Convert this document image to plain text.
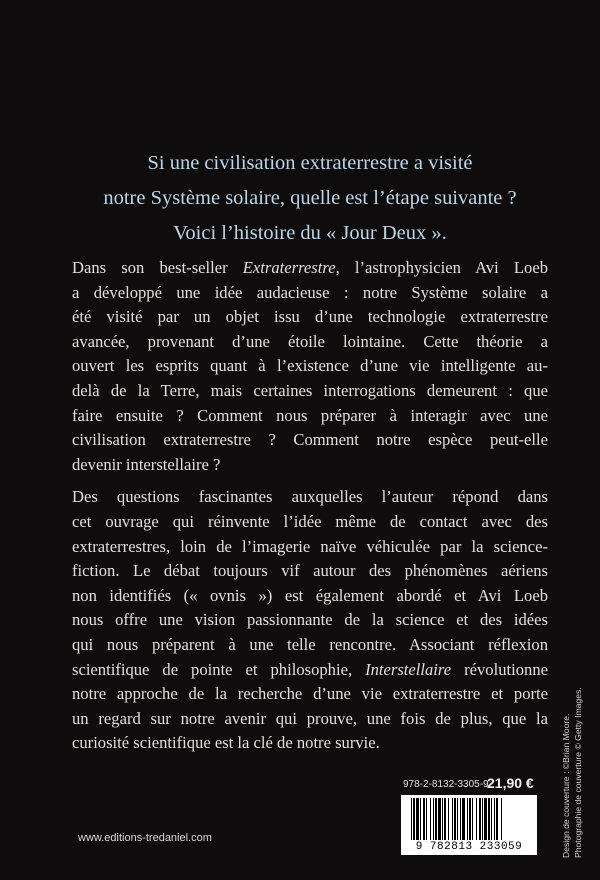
Si une civilisation extraterrestre a visité
notre Système solaire, quelle est l’étape suivante ?
Voici l’histoire du « Jour Deux ».

Dans son best-seller Extraterrestre, l’astrophysicien Avi Loeb
a développé une idée audacieuse : notre Système solaire a
été visité par un objet issu d’une technologie extraterrestre
avancée, provenant d’une étoile lointaine. Cette théorie a
ouvert les esprits quant à l’existence d’une vie intelligente au-
delà de la Terre, mais certaines interrogations demeurent : que
faire ensuite ? Comment nous préparer à interagir avec une
civilisation extraterrestre ? Comment notre espèce peut-elle
devenir interstellaire ?

Des questions fascinantes auxquelles l’auteur répond dans
cet ouvrage qui réinvente l’idée même de contact avec des
extraterrestres, loin de l’imagerie naïve véhiculée par la science-
fiction. Le débat toujours vif autour des phénomènes aériens
non identifiés (« ovnis ») est également abordé et Avi Loeb
nous offre une vision passionnante de la science et des idées
qui nous préparent à une telle rencontre. Associant réflexion
scientifique de pointe et philosophie, Interstellaire révolutionne
notre approche de la recherche d’une vie extraterrestre et porte
un regard sur notre avenir qui prouve, une fois de plus, que la
curiosité scientifique est la clé de notre survie.

www.editions-tredaniel.com
978-2-8132-3305-9
21,90 €
9 782813 233059	Design de couverture : ©Brian Moore. Photographie de couverture © Getty Images.
